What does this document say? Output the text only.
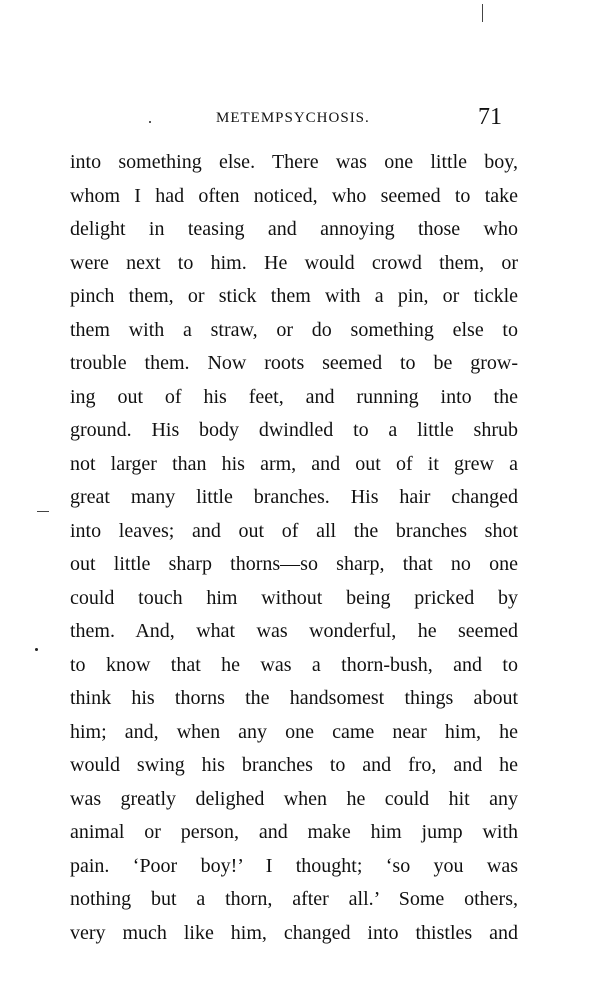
METEMPSYCHOSIS.	71
into something else. There was one little boy,
whom I had often noticed, who seemed to take
delight in teasing and annoying those who
were next to him. He would crowd them, or
pinch them, or stick them with a pin, or tickle
them with a straw, or do something else to
trouble them. Now roots seemed to be grow-
ing out of his feet, and running into the
ground. His body dwindled to a little shrub
not larger than his arm, and out of it grew a
great many little branches. His hair changed
into leaves; and out of all the branches shot
out little sharp thorns—so sharp, that no one
could touch him without being pricked by
them. And, what was wonderful, he seemed
to know that he was a thorn-bush, and to
think his thorns the handsomest things about
him; and, when any one came near him, he
would swing his branches to and fro, and he
was greatly delighed when he could hit any
animal or person, and make him jump with
pain. ‘Poor boy!’ I thought; ‘so you was
nothing but a thorn, after all.’ Some others,
very much like him, changed into thistles and
